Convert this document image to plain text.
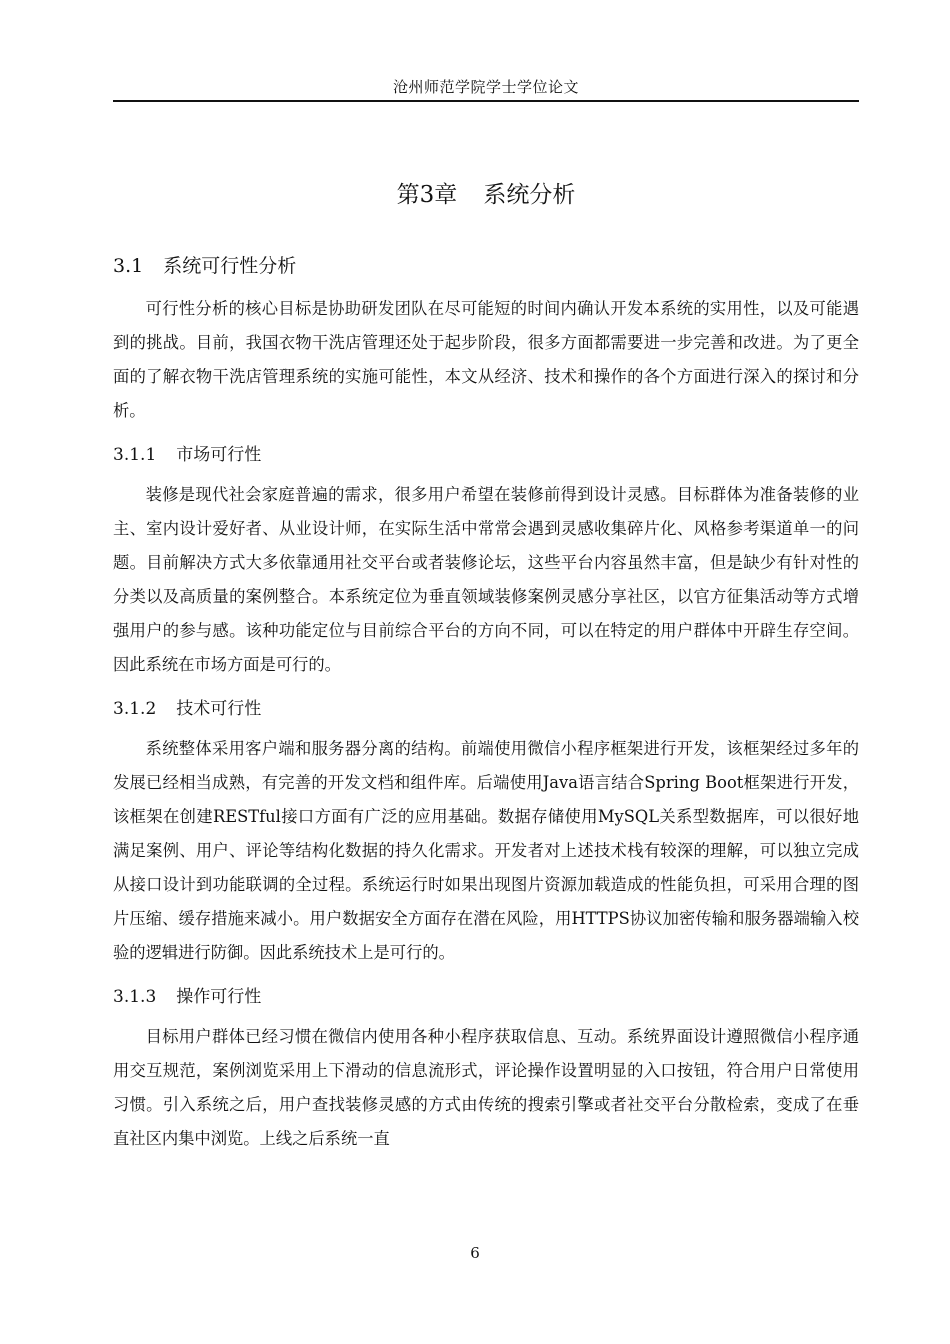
沧州师范学院学士学位论文
第3章 系统分析
3.1 系统可行性分析

可行性分析的核心目标是协助研发团队在尽可能短的时间内确认开发本系统的实用性，以及可能遇到的挑战。目前，我国衣物干洗店管理还处于起步阶段，很多方面都需要进一步完善和改进。为了更全面的了解衣物干洗店管理系统的实施可能性，本文从经济、技术和操作的各个方面进行深入的探讨和分析。

3.1.1 市场可行性

装修是现代社会家庭普遍的需求，很多用户希望在装修前得到设计灵感。目标群体为准备装修的业主、室内设计爱好者、从业设计师，在实际生活中常常会遇到灵感收集碎片化、风格参考渠道单一的问题。目前解决方式大多依靠通用社交平台或者装修论坛，这些平台内容虽然丰富，但是缺少有针对性的分类以及高质量的案例整合。本系统定位为垂直领域装修案例灵感分享社区，以官方征集活动等方式增强用户的参与感。该种功能定位与目前综合平台的方向不同，可以在特定的用户群体中开辟生存空间。因此系统在市场方面是可行的。

3.1.2 技术可行性

系统整体采用客户端和服务器分离的结构。前端使用微信小程序框架进行开发，该框架经过多年的发展已经相当成熟，有完善的开发文档和组件库。后端使用Java语言结合Spring Boot框架进行开发，该框架在创建RESTful接口方面有广泛的应用基础。数据存储使用MySQL关系型数据库，可以很好地满足案例、用户、评论等结构化数据的持久化需求。开发者对上述技术栈有较深的理解，可以独立完成从接口设计到功能联调的全过程。系统运行时如果出现图片资源加载造成的性能负担，可采用合理的图片压缩、缓存措施来减小。用户数据安全方面存在潜在风险，用HTTPS协议加密传输和服务器端输入校验的逻辑进行防御。因此系统技术上是可行的。

3.1.3 操作可行性

目标用户群体已经习惯在微信内使用各种小程序获取信息、互动。系统界面设计遵照微信小程序通用交互规范，案例浏览采用上下滑动的信息流形式，评论操作设置明显的入口按钮，符合用户日常使用习惯。引入系统之后，用户查找装修灵感的方式由传统的搜索引擎或者社交平台分散检索，变成了在垂直社区内集中浏览。上线之后系统一直

6
